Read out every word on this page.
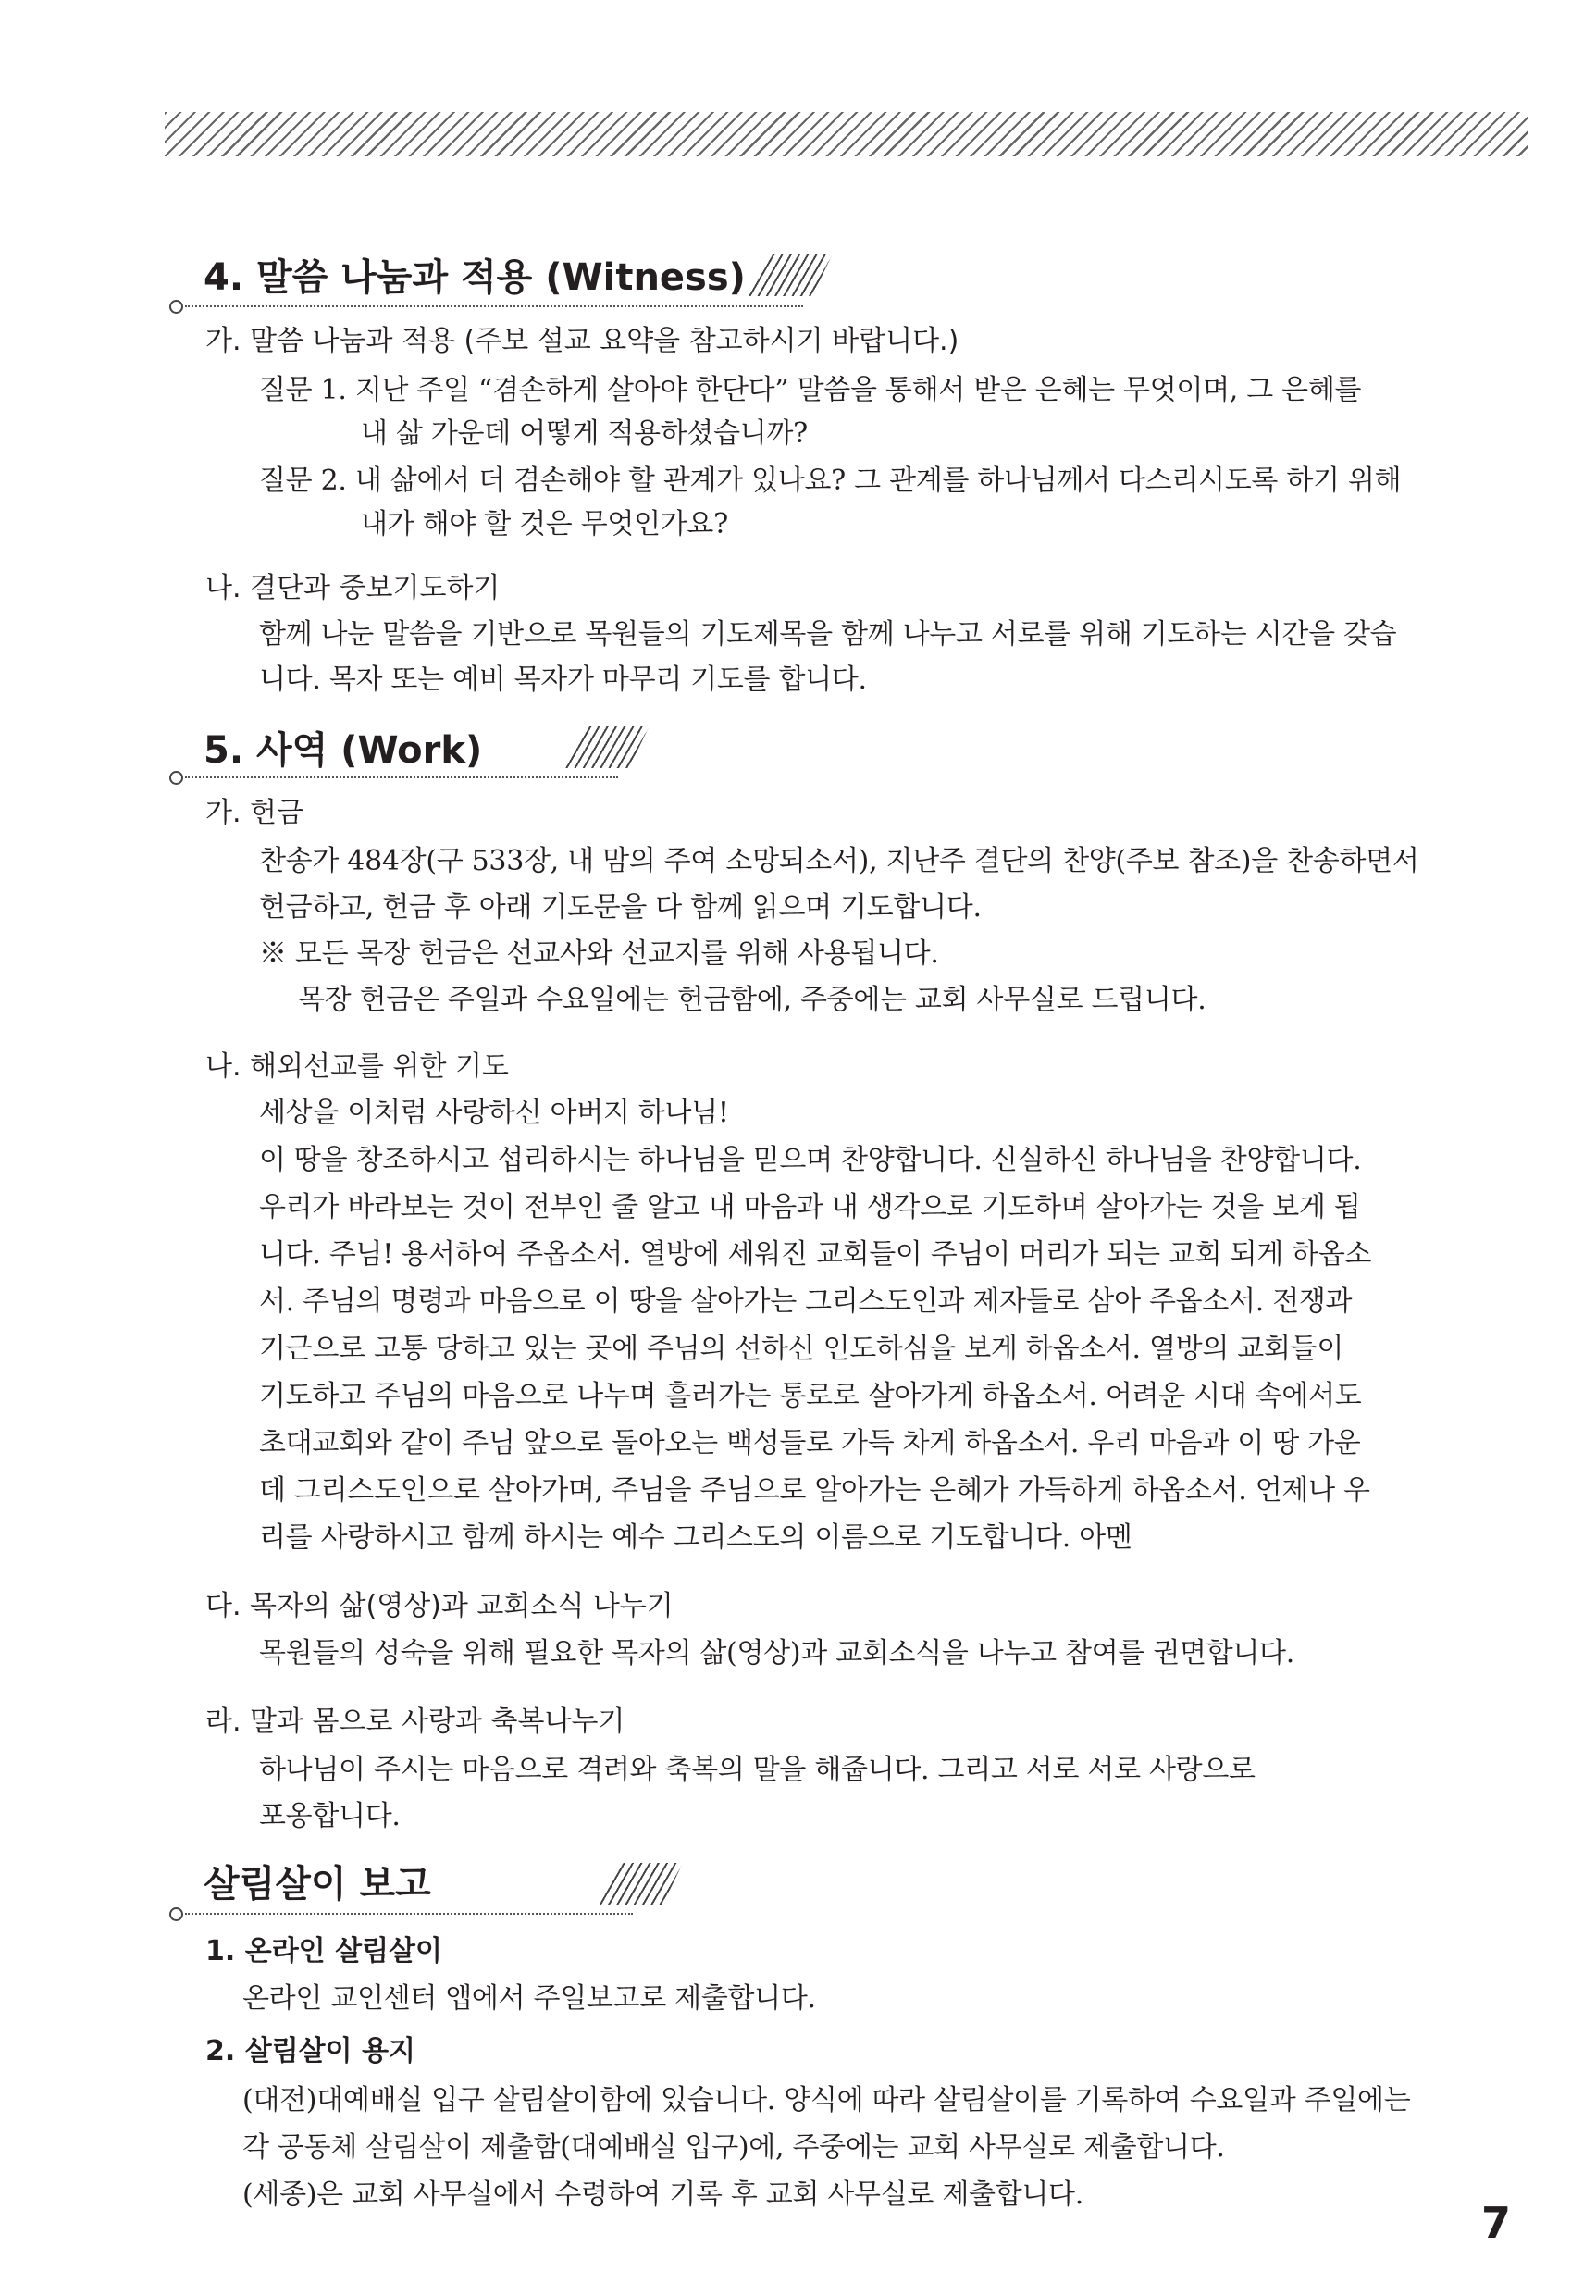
4. 말씀 나눔과 적용 (Witness)
가. 말씀 나눔과 적용 (주보 설교 요약을 참고하시기 바랍니다.)
질문 1. 지난 주일 “겸손하게 살아야 한단다” 말씀을 통해서 받은 은혜는 무엇이며, 그 은혜를
내 삶 가운데 어떻게 적용하셨습니까?
질문 2. 내 삶에서 더 겸손해야 할 관계가 있나요? 그 관계를 하나님께서 다스리시도록 하기 위해
내가 해야 할 것은 무엇인가요?
나. 결단과 중보기도하기
함께 나눈 말씀을 기반으로 목원들의 기도제목을 함께 나누고 서로를 위해 기도하는 시간을 갖습
니다. 목자 또는 예비 목자가 마무리 기도를 합니다.
5. 사역 (Work)
가. 헌금
찬송가 484장(구 533장, 내 맘의 주여 소망되소서), 지난주 결단의 찬양(주보 참조)을 찬송하면서
헌금하고, 헌금 후 아래 기도문을 다 함께 읽으며 기도합니다.
※ 모든 목장 헌금은 선교사와 선교지를 위해 사용됩니다.
목장 헌금은 주일과 수요일에는 헌금함에, 주중에는 교회 사무실로 드립니다.
나. 해외선교를 위한 기도
세상을 이처럼 사랑하신 아버지 하나님!
이 땅을 창조하시고 섭리하시는 하나님을 믿으며 찬양합니다. 신실하신 하나님을 찬양합니다.
우리가 바라보는 것이 전부인 줄 알고 내 마음과 내 생각으로 기도하며 살아가는 것을 보게 됩
니다. 주님! 용서하여 주옵소서. 열방에 세워진 교회들이 주님이 머리가 되는 교회 되게 하옵소
서. 주님의 명령과 마음으로 이 땅을 살아가는 그리스도인과 제자들로 삼아 주옵소서. 전쟁과
기근으로 고통 당하고 있는 곳에 주님의 선하신 인도하심을 보게 하옵소서. 열방의 교회들이
기도하고 주님의 마음으로 나누며 흘러가는 통로로 살아가게 하옵소서. 어려운 시대 속에서도
초대교회와 같이 주님 앞으로 돌아오는 백성들로 가득 차게 하옵소서. 우리 마음과 이 땅 가운
데 그리스도인으로 살아가며, 주님을 주님으로 알아가는 은혜가 가득하게 하옵소서. 언제나 우
리를 사랑하시고 함께 하시는 예수 그리스도의 이름으로 기도합니다. 아멘
다. 목자의 삶(영상)과 교회소식 나누기
목원들의 성숙을 위해 필요한 목자의 삶(영상)과 교회소식을 나누고 참여를 권면합니다.
라. 말과 몸으로 사랑과 축복나누기
하나님이 주시는 마음으로 격려와 축복의 말을 해줍니다. 그리고 서로 서로 사랑으로
포옹합니다.
살림살이 보고
1. 온라인 살림살이
온라인 교인센터 앱에서 주일보고로 제출합니다.
2. 살림살이 용지
(대전)대예배실 입구 살림살이함에 있습니다. 양식에 따라 살림살이를 기록하여 수요일과 주일에는
각 공동체 살림살이 제출함(대예배실 입구)에, 주중에는 교회 사무실로 제출합니다.
(세종)은 교회 사무실에서 수령하여 기록 후 교회 사무실로 제출합니다.
7
